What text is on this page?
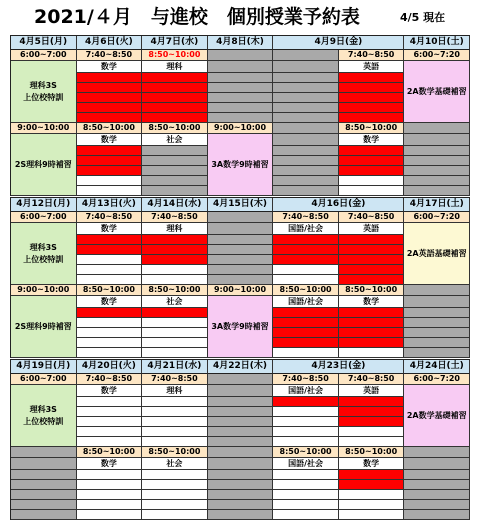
2021/４月　与進校　個別授業予約表	4/5 現在
4月5日(月)
6:00~7:00
理科3S
上位校特訓
9:00~10:00
2S理科9時補習
4月6日(火)
7:40~8:50
数学
8:50~10:00
数学
4月7日(水)
8:50~10:00
理科
8:50~10:00
社会
4月8日(木)
9:00~10:00
3A数学9時補習
4月9日(金)
7:40~8:50
英語
8:50~10:00
数学
4月10日(土)
6:00~7:20
2A数学基礎補習
4月12日(月)
6:00~7:00
理科3S
上位校特訓
9:00~10:00
2S理科9時補習
4月13日(火)
7:40~8:50
数学
8:50~10:00
数学
4月14日(水)
7:40~8:50
理科
8:50~10:00
社会
4月15日(木)
9:00~10:00
3A数学9時補習
4月16日(金)
7:40~8:50
国語/社会
8:50~10:00
国語/社会
7:40~8:50
英語
8:50~10:00
数学
4月17日(土)
6:00~7:20
2A英語基礎補習
4月19日(月)
6:00~7:00
理科3S
上位校特訓
4月20日(火)
7:40~8:50
数学
8:50~10:00
数学
4月21日(水)
7:40~8:50
理科
8:50~10:00
社会
4月22日(木)	4月23日(金)
7:40~8:50
国語/社会
8:50~10:00
国語/社会
7:40~8:50
英語
8:50~10:00
数学
4月24日(土)
6:00~7:20
2A数学基礎補習
